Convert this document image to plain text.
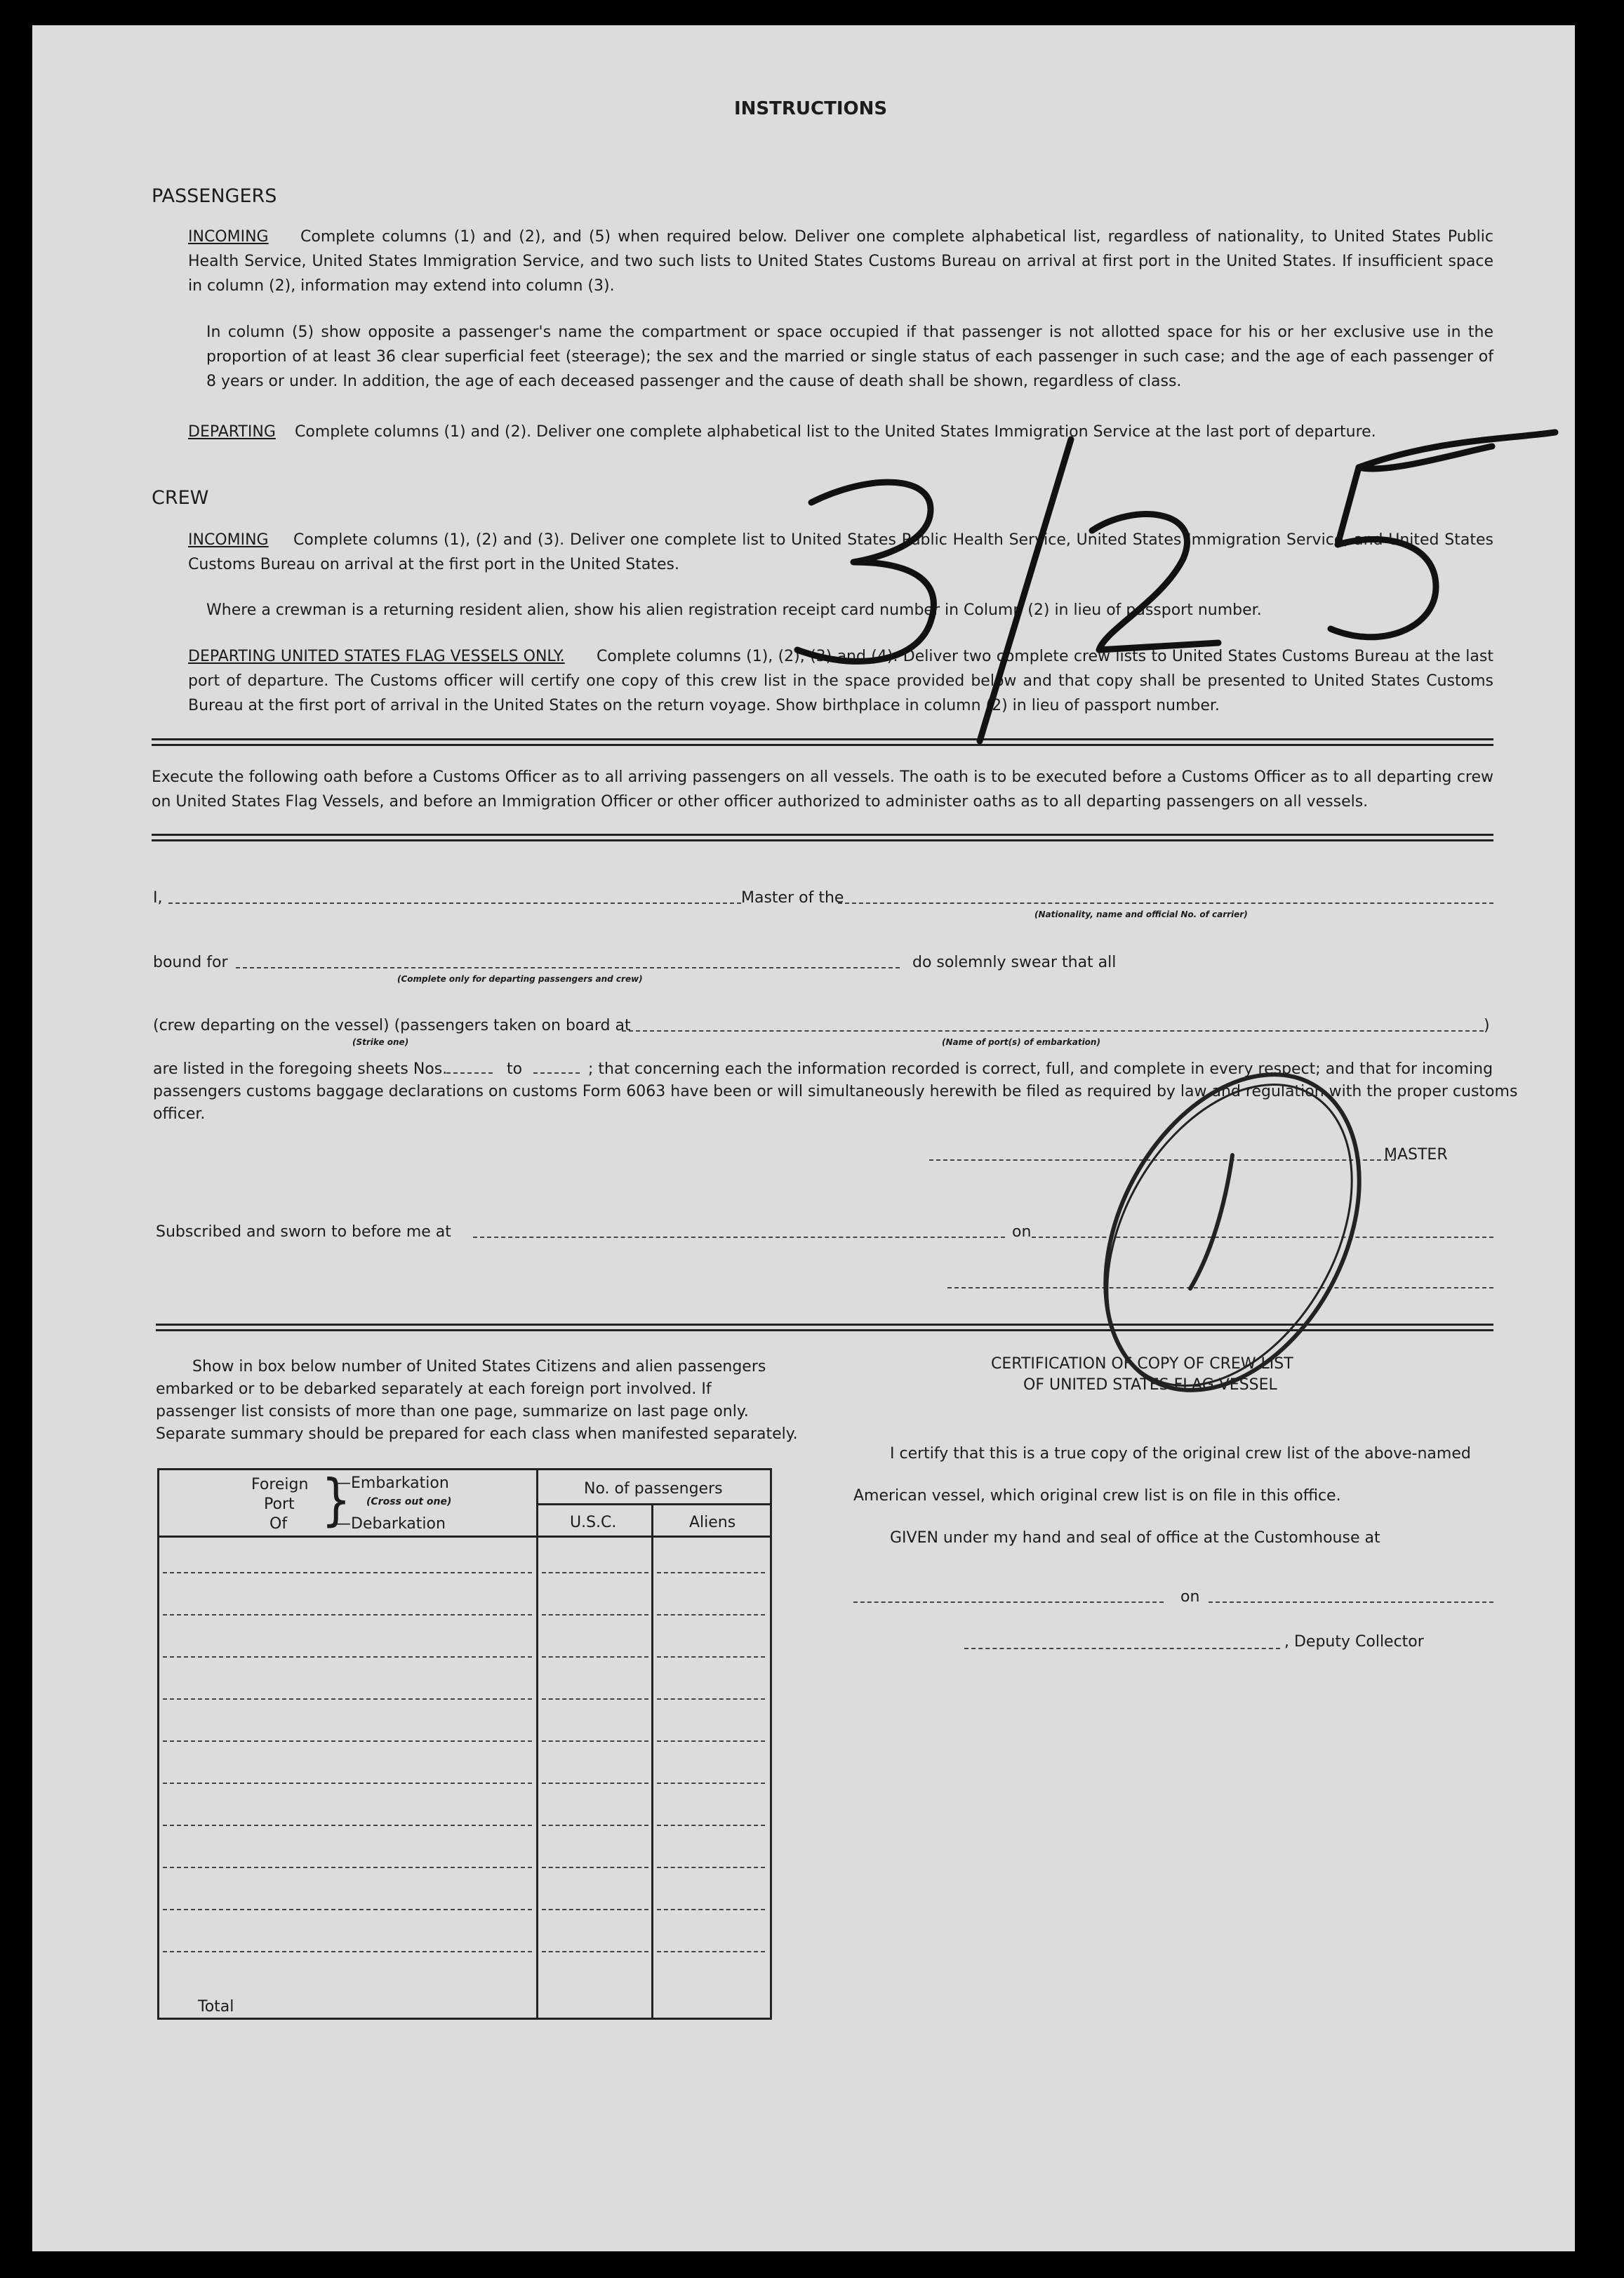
INSTRUCTIONS
PASSENGERS
INCOMING	Complete columns (1) and (2), and (5) when required below. Deliver one complete alphabetical list, regardless of nationality, to United States Public Health Service, United States Immigration Service, and two such lists to United States Customs Bureau on arrival at first port in the United States. If insufficient space in column (2), information may extend into column (3).
In column (5) show opposite a passenger's name the compartment or space occupied if that passenger is not allotted space for his or her exclusive use in the proportion of at least 36 clear superficial feet (steerage); the sex and the married or single status of each passenger in such case; and the age of each passenger of 8 years or under. In addition, the age of each deceased passenger and the cause of death shall be shown, regardless of class.
DEPARTING Complete columns (1) and (2). Deliver one complete alphabetical list to the United States Immigration Service at the last port of departure.
CREW
INCOMING	Complete columns (1), (2) and (3). Deliver one complete list to United States Public Health Service, United States Immigration Service, and United States Customs Bureau on arrival at the first port in the United States.
Where a crewman is a returning resident alien, show his alien registration receipt card number in Column (2) in lieu of passport number.
DEPARTING UNITED STATES FLAG VESSELS ONLY.	Complete columns (1), (2), (3) and (4). Deliver two complete crew lists to United States Customs Bureau at the last port of departure. The Customs officer will certify one copy of this crew list in the space provided below and that copy shall be presented to United States Customs Bureau at the first port of arrival in the United States on the return voyage. Show birthplace in column (2) in lieu of passport number.
Execute the following oath before a Customs Officer as to all arriving passengers on all vessels. The oath is to be executed before a Customs Officer as to all departing crew on United States Flag Vessels, and before an Immigration Officer or other officer authorized to administer oaths as to all departing passengers on all vessels.
I,	Master of the
(Nationality, name and official No. of carrier)
bound for
(Complete only for departing passengers and crew)
do solemnly swear that all
(crew departing on the vessel) (passengers taken on board at	)
(Strike one)	(Name of port(s) of embarkation)
are listed in the foregoing sheets Nos.	to	; that concerning each the information recorded is correct, full, and complete in every respect; and that for incoming
passengers customs baggage declarations on customs Form 6063 have been or will simultaneously herewith be filed as required by law and regulation with the proper customs
officer.
MASTER
Subscribed and sworn to before me at	on
Show in box below number of United States Citizens and alien passengers
embarked or to be debarked separately at each foreign port involved. If
passenger list consists of more than one page, summarize on last page only.
Separate summary should be prepared for each class when manifested separately.
Foreign
Port
Of }
—Embarkation
(Cross out one)
—Debarkation
No. of passengers
U.S.C.	Aliens
Total
CERTIFICATION OF COPY OF CREW LIST
OF UNITED STATES FLAG VESSEL
I certify that this is a true copy of the original crew list of the above-named
American vessel, which original crew list is on file in this office.
GIVEN under my hand and seal of office at the Customhouse at
on
, Deputy Collector
3/25
